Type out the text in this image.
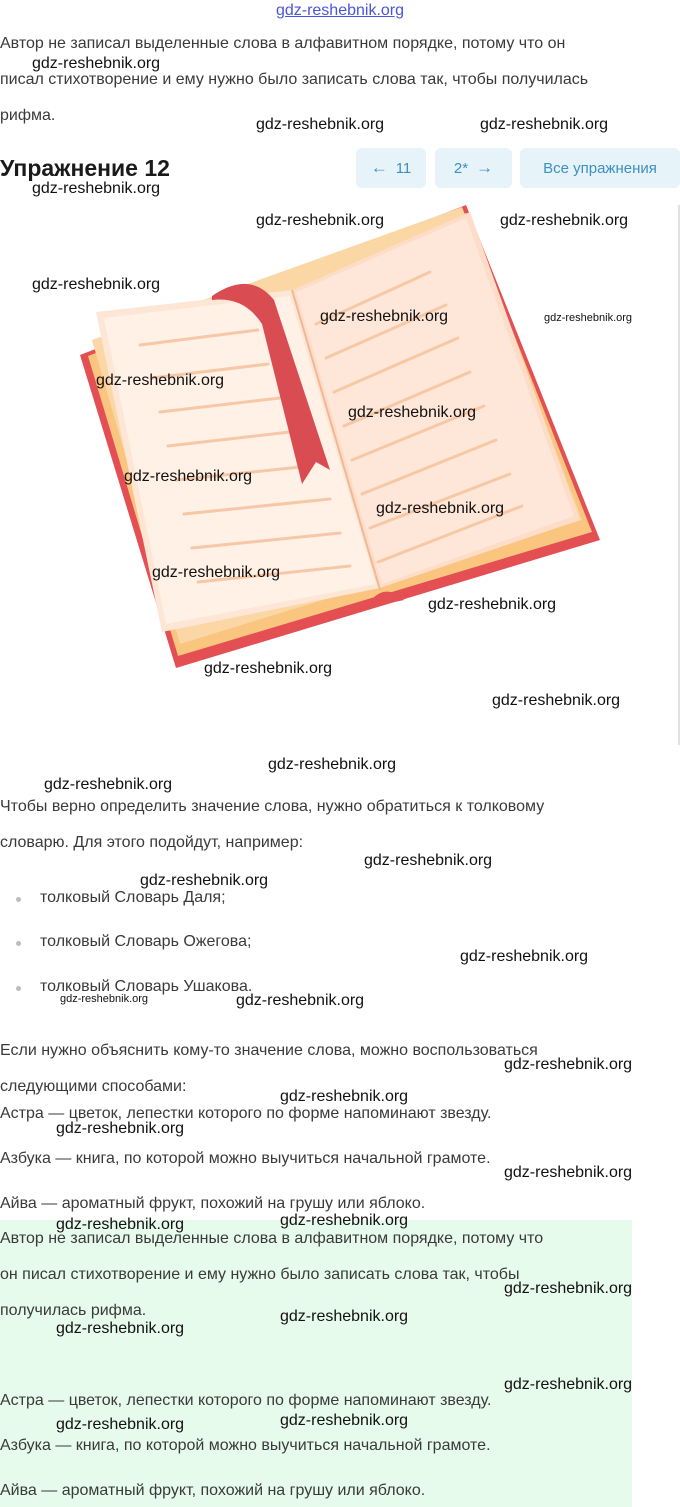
gdz-reshebnik.org
Автор не записал выделенные слова в алфавитном порядке, потому что он
писал стихотворение и ему нужно было записать слова так, чтобы получилась
рифма.
Упражнение 12	← 11	2* →	Все упражнения
Чтобы верно определить значение слова, нужно обратиться к толковому
словарю. Для этого подойдут, например:
толковый Словарь Даля;
толковый Словарь Ожегова;
толковый Словарь Ушакова.
Если нужно объяснить кому-то значение слова, можно воспользоваться
следующими способами:
Астра — цветок, лепестки которого по форме напоминают звезду.
Азбука — книга, по которой можно выучиться начальной грамоте.
Айва — ароматный фрукт, похожий на грушу или яблоко.
Автор не записал выделенные слова в алфавитном порядке, потому что
он писал стихотворение и ему нужно было записать слова так, чтобы
получилась рифма.
Астра — цветок, лепестки которого по форме напоминают звезду.
Азбука — книга, по которой можно выучиться начальной грамоте.
Айва — ароматный фрукт, похожий на грушу или яблоко.
gdz-reshebnik.org
gdz-reshebnik.org	gdz-reshebnik.org
gdz-reshebnik.org
gdz-reshebnik.org	gdz-reshebnik.org
gdz-reshebnik.org
gdz-reshebnik.org	gdz-reshebnik.org
gdz-reshebnik.org
gdz-reshebnik.org
gdz-reshebnik.org
gdz-reshebnik.org
gdz-reshebnik.org
gdz-reshebnik.org
gdz-reshebnik.org
gdz-reshebnik.org
gdz-reshebnik.org
gdz-reshebnik.org
gdz-reshebnik.org
gdz-reshebnik.org
gdz-reshebnik.org
gdz-reshebnik.org	gdz-reshebnik.org
gdz-reshebnik.org
gdz-reshebnik.org
gdz-reshebnik.org
gdz-reshebnik.org
gdz-reshebnik.org
gdz-reshebnik.org
gdz-reshebnik.org
gdz-reshebnik.org
gdz-reshebnik.org
gdz-reshebnik.org
gdz-reshebnik.org
gdz-reshebnik.org
